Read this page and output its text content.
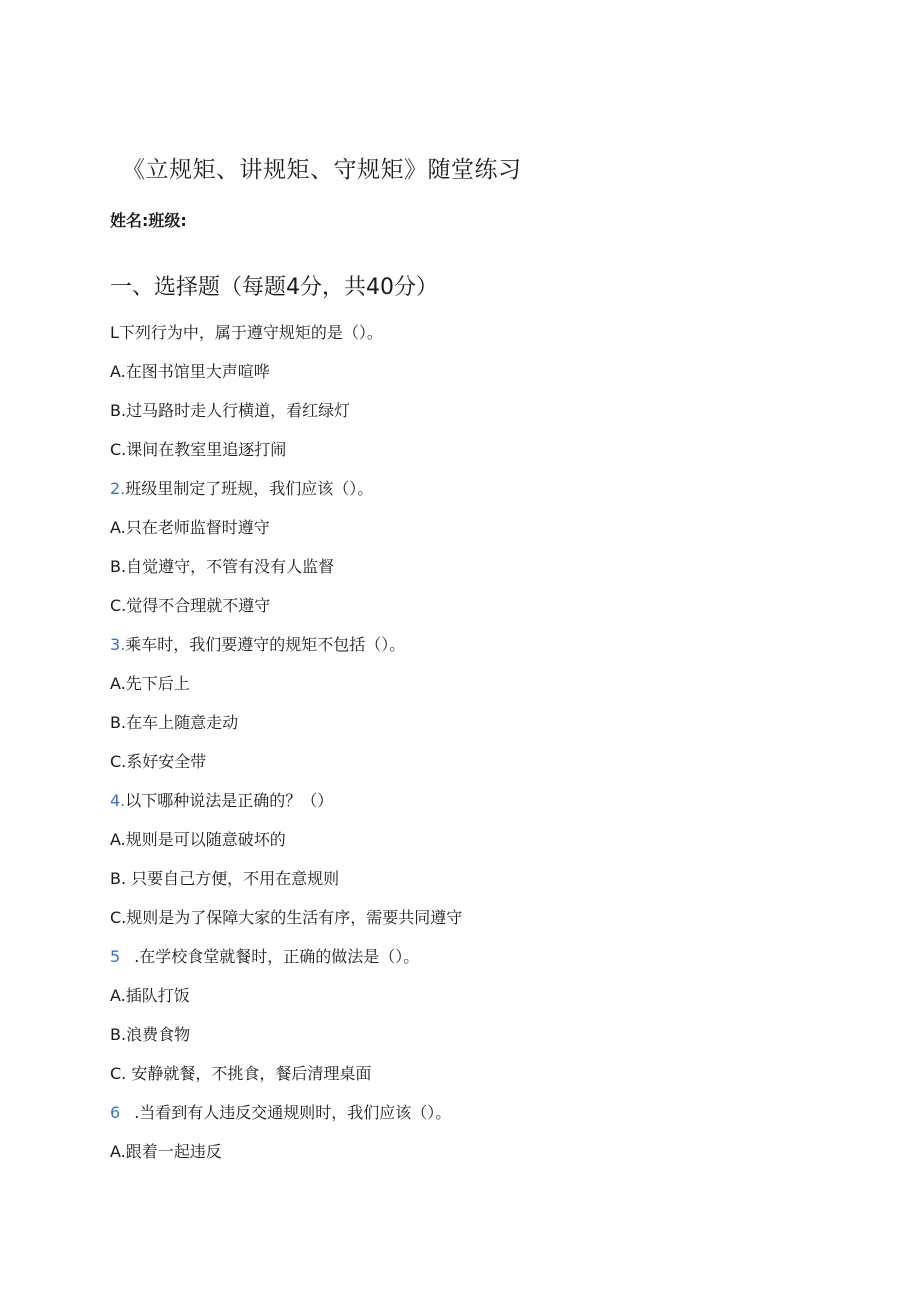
《立规矩、讲规矩、守规矩》随堂练习
姓名:班级:
一、选择题（每题4分，共40分）
L下列行为中，属于遵守规矩的是（）。
A.在图书馆里大声喧哗
B.过马路时走人行横道，看红绿灯
C.课间在教室里追逐打闹
2.班级里制定了班规，我们应该（）。
A.只在老师监督时遵守
B.自觉遵守，不管有没有人监督
C.觉得不合理就不遵守
3.乘车时，我们要遵守的规矩不包括（）。
A.先下后上
B.在车上随意走动
C.系好安全带
4.以下哪种说法是正确的？（）
A.规则是可以随意破坏的
B. 只要自己方便，不用在意规则
C.规则是为了保障大家的生活有序，需要共同遵守
5 .在学校食堂就餐时，正确的做法是（）。
A.插队打饭
B.浪费食物
C. 安静就餐，不挑食，餐后清理桌面
6 .当看到有人违反交通规则时，我们应该（）。
A.跟着一起违反
